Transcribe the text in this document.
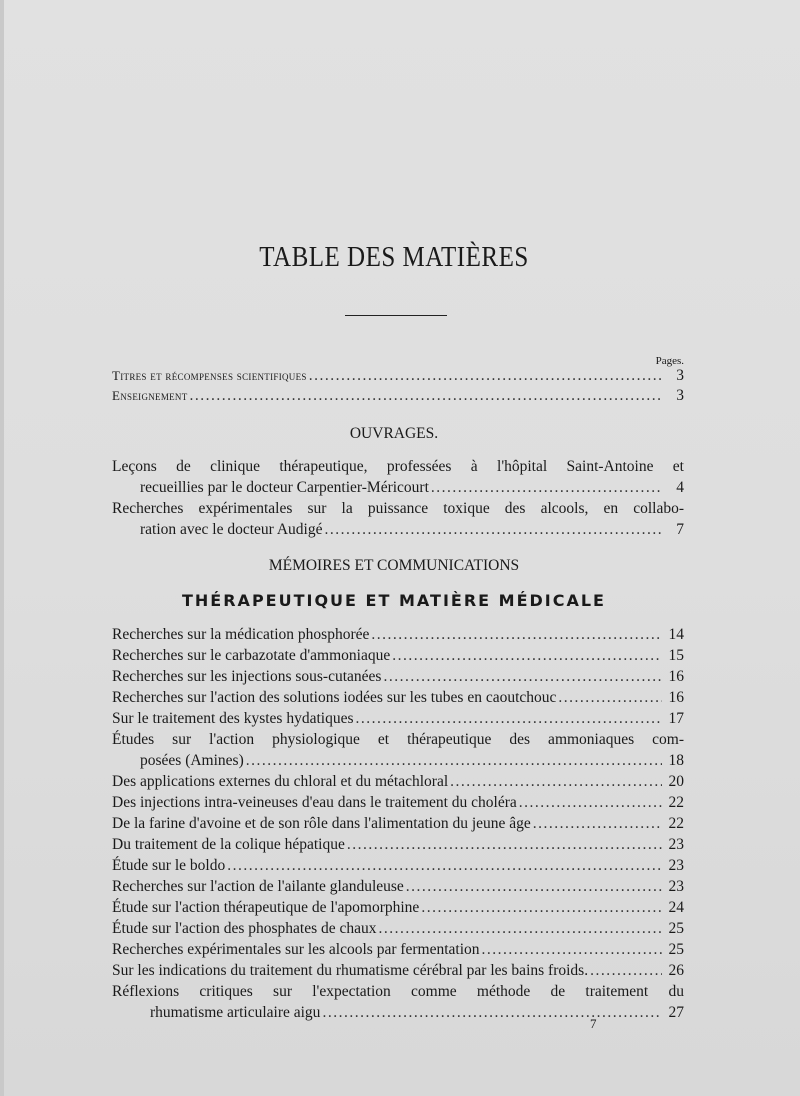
TABLE DES MATIÈRES
Pages.
Titres et récompenses scientifiques .....	3
Enseignement .....	3
OUVRAGES.
Leçons de clinique thérapeutique, professées à l'hôpital Saint-Antoine et
recueillies par le docteur Carpentier-Méricourt .....	4
Recherches expérimentales sur la puissance toxique des alcools, en collabo-
ration avec le docteur Audigé .....	7
MÉMOIRES ET COMMUNICATIONS
THÉRAPEUTIQUE ET MATIÈRE MÉDICALE
Recherches sur la médication phosphorée .....	14
Recherches sur le carbazotate d'ammoniaque .....	15
Recherches sur les injections sous-cutanées .....	16
Recherches sur l'action des solutions iodées sur les tubes en caoutchouc .....	16
Sur le traitement des kystes hydatiques .....	17
Études sur l'action physiologique et thérapeutique des ammoniaques com-
posées (Amines) .....	18
Des applications externes du chloral et du métachloral .....	20
Des injections intra-veineuses d'eau dans le traitement du choléra .....	22
De la farine d'avoine et de son rôle dans l'alimentation du jeune âge .....	22
Du traitement de la colique hépatique .....	23
Étude sur le boldo .....	23
Recherches sur l'action de l'ailante glanduleuse .....	23
Étude sur l'action thérapeutique de l'apomorphine .....	24
Étude sur l'action des phosphates de chaux .....	25
Recherches expérimentales sur les alcools par fermentation .....	25
Sur les indications du traitement du rhumatisme cérébral par les bains froids. .....	26
Réflexions critiques sur l'expectation comme méthode de traitement du
rhumatisme articulaire aigu .....	27
7
